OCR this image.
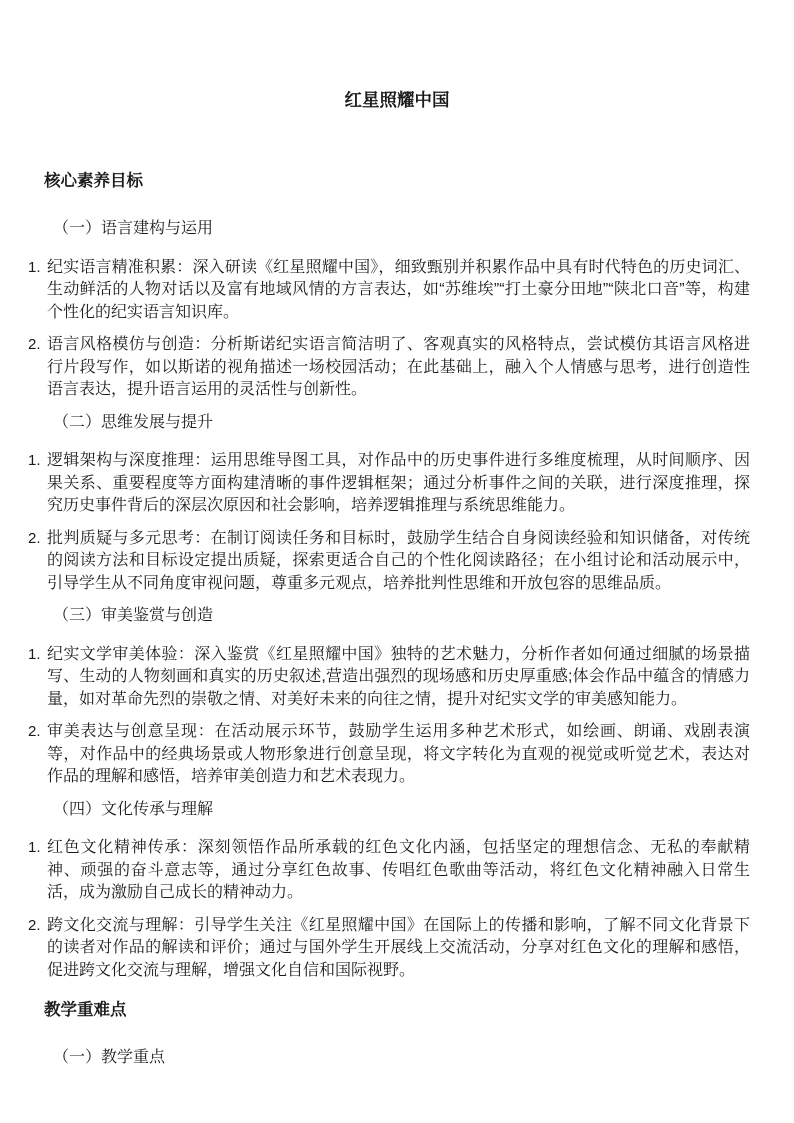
红星照耀中国
核心素养目标
（一）语言建构与运用
1. 纪实语言精准积累：深入研读《红星照耀中国》，细致甄别并积累作品中具有时代特色的历史词汇、生动鲜活的人物对话以及富有地域风情的方言表达，如“苏维埃”“打土豪分田地”“陕北口音”等，构建个性化的纪实语言知识库。
2. 语言风格模仿与创造：分析斯诺纪实语言简洁明了、客观真实的风格特点，尝试模仿其语言风格进行片段写作，如以斯诺的视角描述一场校园活动；在此基础上，融入个人情感与思考，进行创造性语言表达，提升语言运用的灵活性与创新性。
（二）思维发展与提升
1. 逻辑架构与深度推理：运用思维导图工具，对作品中的历史事件进行多维度梳理，从时间顺序、因果关系、重要程度等方面构建清晰的事件逻辑框架；通过分析事件之间的关联，进行深度推理，探究历史事件背后的深层次原因和社会影响，培养逻辑推理与系统思维能力。
2. 批判质疑与多元思考：在制订阅读任务和目标时，鼓励学生结合自身阅读经验和知识储备，对传统的阅读方法和目标设定提出质疑，探索更适合自己的个性化阅读路径；在小组讨论和活动展示中，引导学生从不同角度审视问题，尊重多元观点，培养批判性思维和开放包容的思维品质。
（三）审美鉴赏与创造
1. 纪实文学审美体验：深入鉴赏《红星照耀中国》独特的艺术魅力，分析作者如何通过细腻的场景描写、生动的人物刻画和真实的历史叙述,营造出强烈的现场感和历史厚重感;体会作品中蕴含的情感力量，如对革命先烈的崇敬之情、对美好未来的向往之情，提升对纪实文学的审美感知能力。
2. 审美表达与创意呈现：在活动展示环节，鼓励学生运用多种艺术形式，如绘画、朗诵、戏剧表演等，对作品中的经典场景或人物形象进行创意呈现，将文字转化为直观的视觉或听觉艺术，表达对作品的理解和感悟，培养审美创造力和艺术表现力。
（四）文化传承与理解
1. 红色文化精神传承：深刻领悟作品所承载的红色文化内涵，包括坚定的理想信念、无私的奉献精神、顽强的奋斗意志等，通过分享红色故事、传唱红色歌曲等活动，将红色文化精神融入日常生活，成为激励自己成长的精神动力。
2. 跨文化交流与理解：引导学生关注《红星照耀中国》在国际上的传播和影响，了解不同文化背景下的读者对作品的解读和评价；通过与国外学生开展线上交流活动，分享对红色文化的理解和感悟，促进跨文化交流与理解，增强文化自信和国际视野。
教学重难点
（一）教学重点
